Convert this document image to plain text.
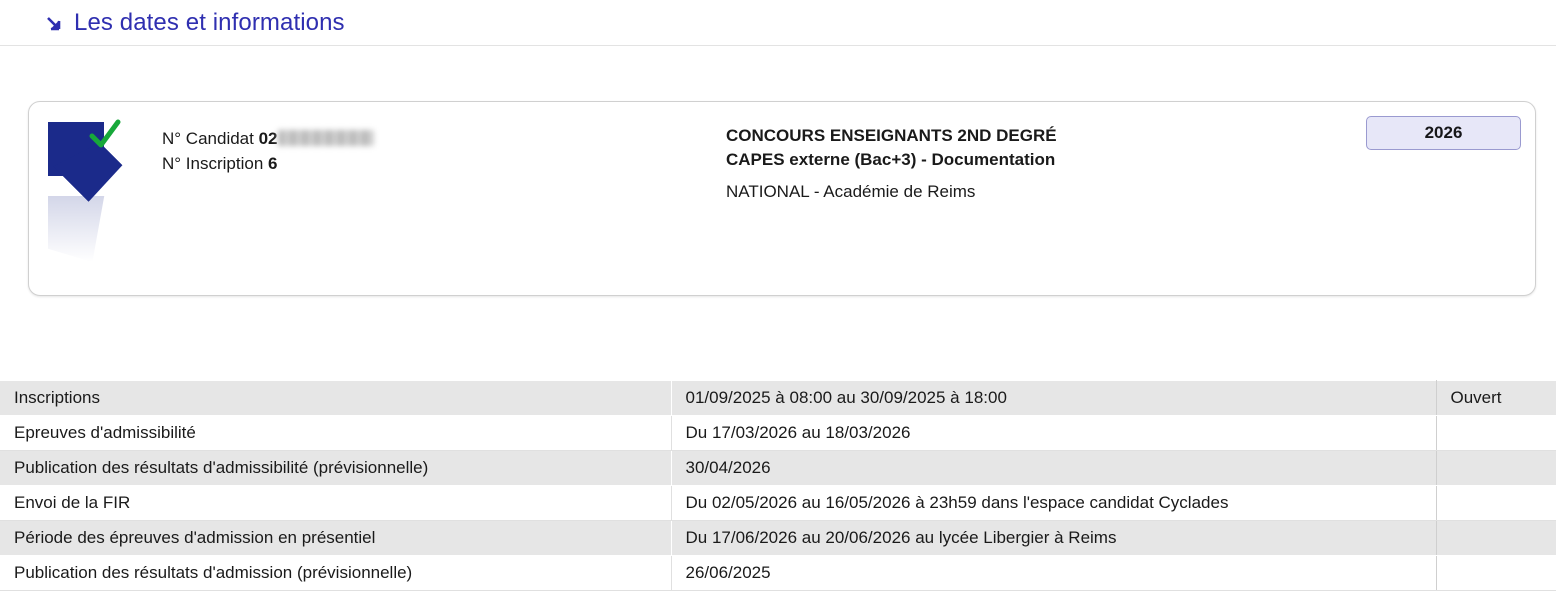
Les dates et informations
N° Candidat 02
N° Inscription 6
CONCOURS ENSEIGNANTS 2ND DEGRÉ
CAPES externe (Bac+3) - Documentation
NATIONAL - Académie de Reims
2026
Inscriptions	01/09/2025 à 08:00 au 30/09/2025 à 18:00	Ouvert
Epreuves d'admissibilité	Du 17/03/2026 au 18/03/2026	
Publication des résultats d'admissibilité (prévisionnelle)	30/04/2026	
Envoi de la FIR	Du 02/05/2026 au 16/05/2026 à 23h59 dans l'espace candidat Cyclades	
Période des épreuves d'admission en présentiel	Du 17/06/2026 au 20/06/2026 au lycée Libergier à Reims	
Publication des résultats d'admission (prévisionnelle)	26/06/2025	
